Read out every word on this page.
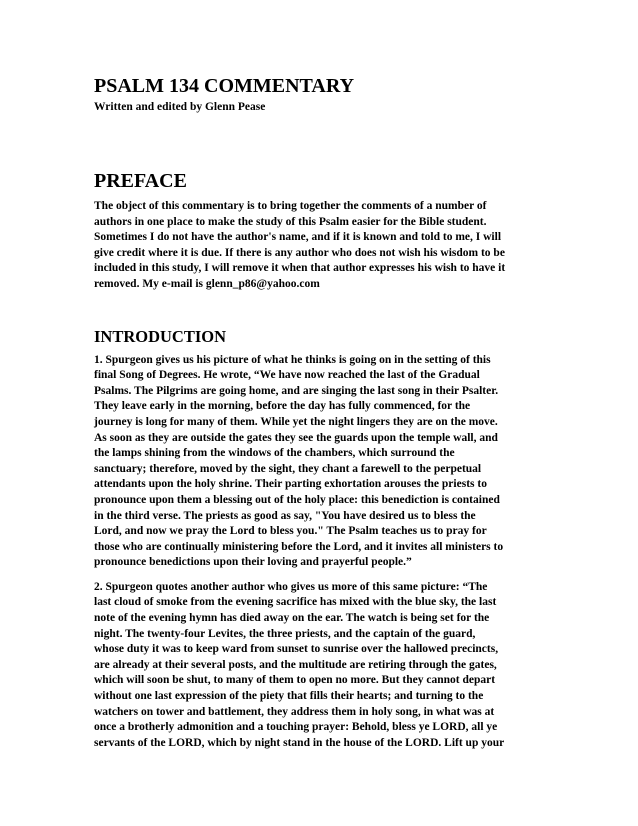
PSALM 134 COMMENTARY

Written and edited by Glenn Pease

PREFACE

The object of this commentary is to bring together the comments of a number of
authors in one place to make the study of this Psalm easier for the Bible student.
Sometimes I do not have the author's name, and if it is known and told to me, I will
give credit where it is due. If there is any author who does not wish his wisdom to be
included in this study, I will remove it when that author expresses his wish to have it
removed. My e-mail is glenn_p86@yahoo.com

INTRODUCTION

1. Spurgeon gives us his picture of what he thinks is going on in the setting of this
final Song of Degrees. He wrote, “We have now reached the last of the Gradual
Psalms. The Pilgrims are going home, and are singing the last song in their Psalter.
They leave early in the morning, before the day has fully commenced, for the
journey is long for many of them. While yet the night lingers they are on the move.
As soon as they are outside the gates they see the guards upon the temple wall, and
the lamps shining from the windows of the chambers, which surround the
sanctuary; therefore, moved by the sight, they chant a farewell to the perpetual
attendants upon the holy shrine. Their parting exhortation arouses the priests to
pronounce upon them a blessing out of the holy place: this benediction is contained
in the third verse. The priests as good as say, "You have desired us to bless the
Lord, and now we pray the Lord to bless you." The Psalm teaches us to pray for
those who are continually ministering before the Lord, and it invites all ministers to
pronounce benedictions upon their loving and prayerful people.”

2. Spurgeon quotes another author who gives us more of this same picture: “The
last cloud of smoke from the evening sacrifice has mixed with the blue sky, the last
note of the evening hymn has died away on the ear. The watch is being set for the
night. The twenty-four Levites, the three priests, and the captain of the guard,
whose duty it was to keep ward from sunset to sunrise over the hallowed precincts,
are already at their several posts, and the multitude are retiring through the gates,
which will soon be shut, to many of them to open no more. But they cannot depart
without one last expression of the piety that fills their hearts; and turning to the
watchers on tower and battlement, they address them in holy song, in what was at
once a brotherly admonition and a touching prayer: Behold, bless ye LORD, all ye
servants of the LORD, which by night stand in the house of the LORD. Lift up your
